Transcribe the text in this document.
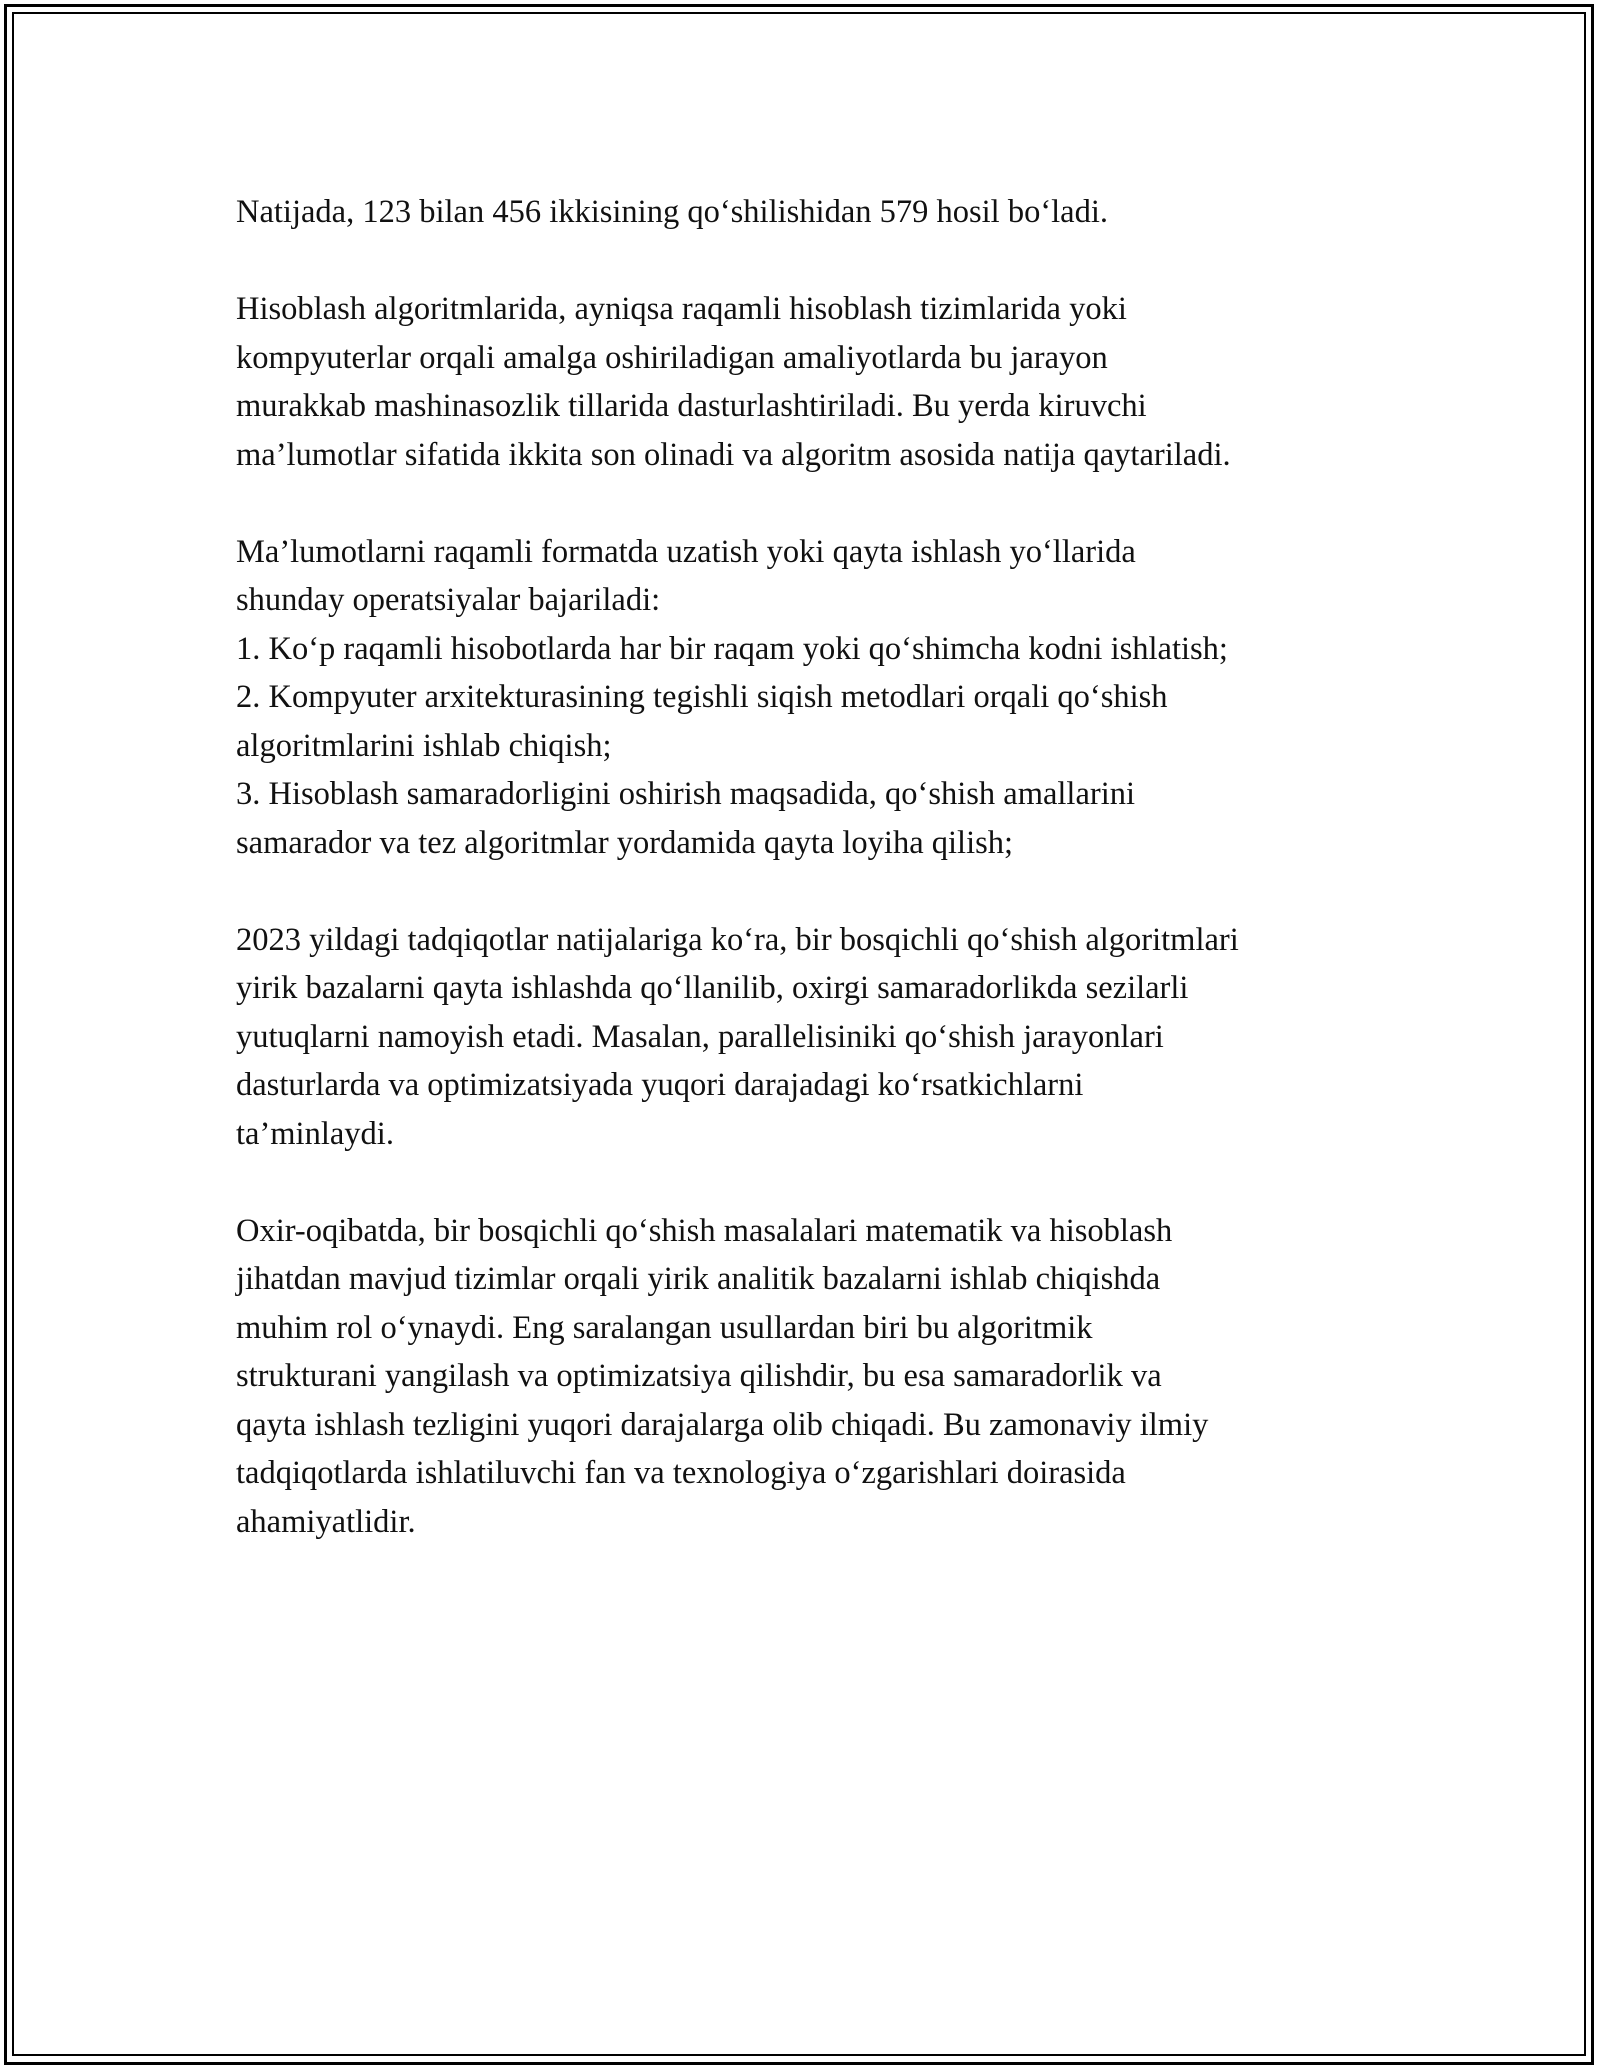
Natijada, 123 bilan 456 ikkisining qoʻshilishidan 579 hosil boʻladi.

Hisoblash algoritmlarida, ayniqsa raqamli hisoblash tizimlarida yoki
kompyuterlar orqali amalga oshiriladigan amaliyotlarda bu jarayon
murakkab mashinasozlik tillarida dasturlashtiriladi. Bu yerda kiruvchi
ma’lumotlar sifatida ikkita son olinadi va algoritm asosida natija qaytariladi.

Ma’lumotlarni raqamli formatda uzatish yoki qayta ishlash yoʻllarida
shunday operatsiyalar bajariladi:
1. Koʻp raqamli hisobotlarda har bir raqam yoki qoʻshimcha kodni ishlatish;
2. Kompyuter arxitekturasining tegishli siqish metodlari orqali qoʻshish
algoritmlarini ishlab chiqish;
3. Hisoblash samaradorligini oshirish maqsadida, qoʻshish amallarini
samarador va tez algoritmlar yordamida qayta loyiha qilish;

2023 yildagi tadqiqotlar natijalariga koʻra, bir bosqichli qoʻshish algoritmlari
yirik bazalarni qayta ishlashda qoʻllanilib, oxirgi samaradorlikda sezilarli
yutuqlarni namoyish etadi. Masalan, parallelisiniki qoʻshish jarayonlari
dasturlarda va optimizatsiyada yuqori darajadagi koʻrsatkichlarni
ta’minlaydi.

Oxir-oqibatda, bir bosqichli qoʻshish masalalari matematik va hisoblash
jihatdan mavjud tizimlar orqali yirik analitik bazalarni ishlab chiqishda
muhim rol oʻynaydi. Eng saralangan usullardan biri bu algoritmik
strukturani yangilash va optimizatsiya qilishdir, bu esa samaradorlik va
qayta ishlash tezligini yuqori darajalarga olib chiqadi. Bu zamonaviy ilmiy
tadqiqotlarda ishlatiluvchi fan va texnologiya oʻzgarishlari doirasida
ahamiyatlidir.
